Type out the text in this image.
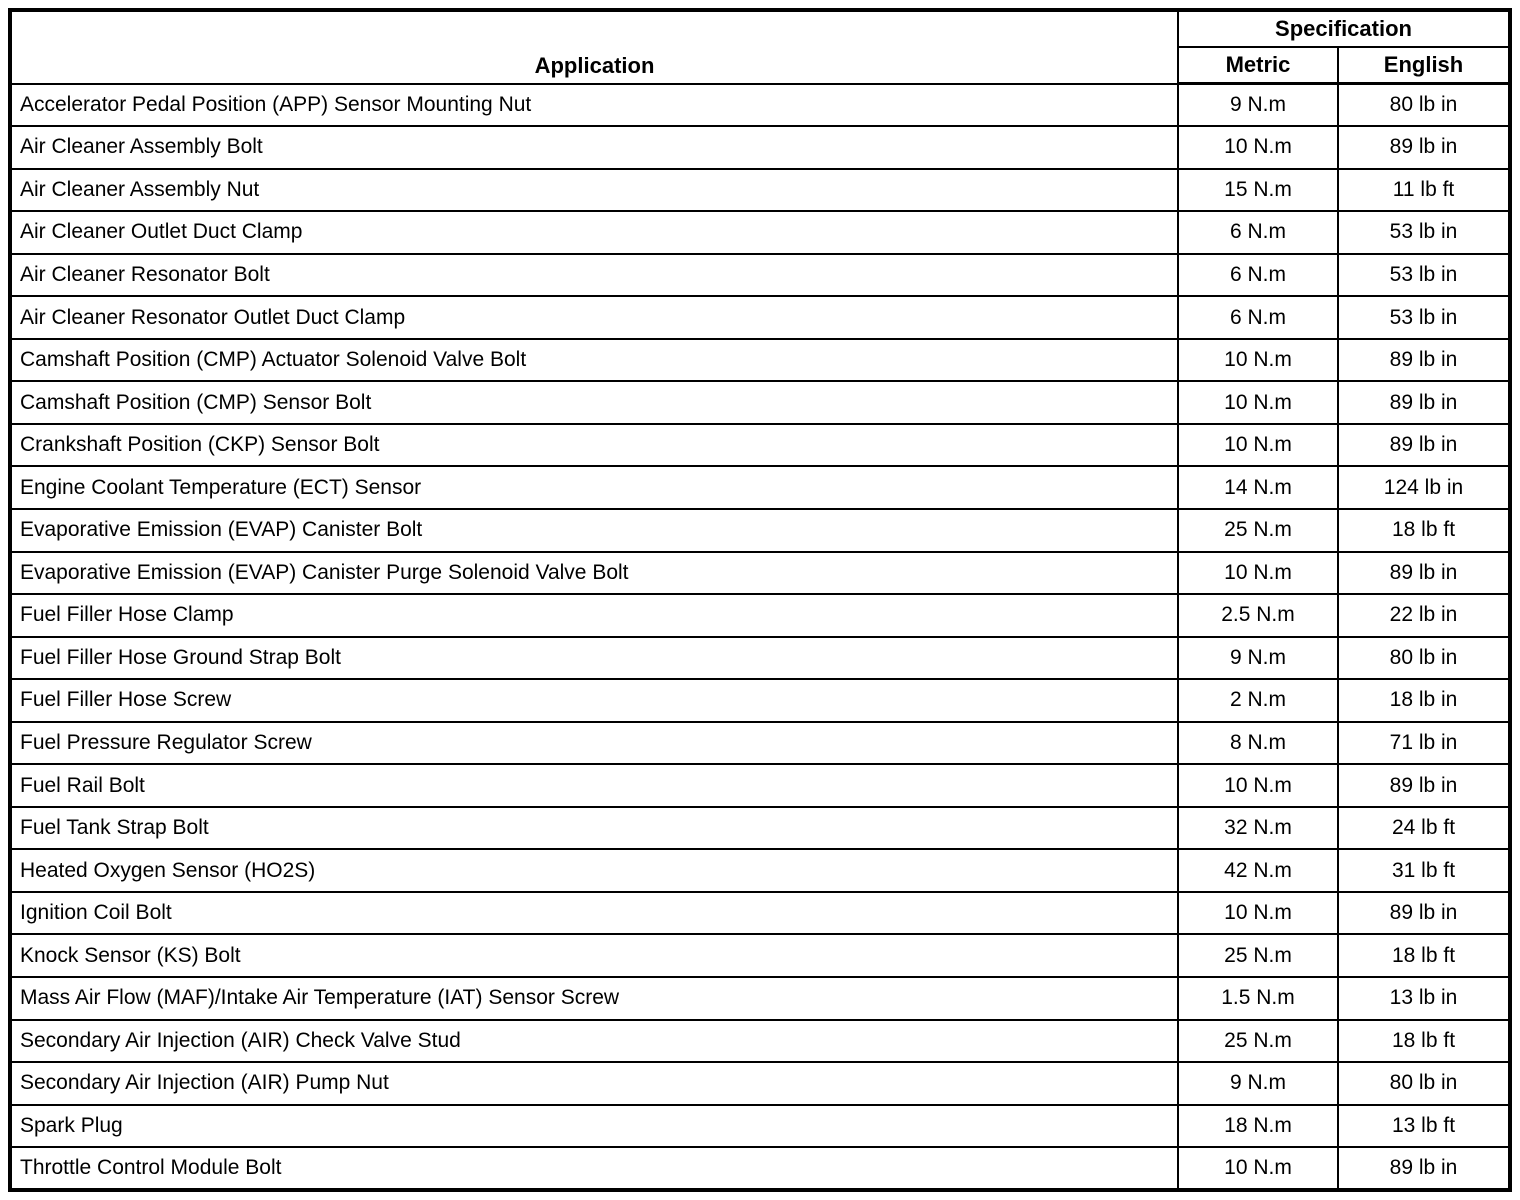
Application	Specification	
	Metric	English
Accelerator Pedal Position (APP) Sensor Mounting Nut	9 N.m	80 lb in
Air Cleaner Assembly Bolt	10 N.m	89 lb in
Air Cleaner Assembly Nut	15 N.m	11 lb ft
Air Cleaner Outlet Duct Clamp	6 N.m	53 lb in
Air Cleaner Resonator Bolt	6 N.m	53 lb in
Air Cleaner Resonator Outlet Duct Clamp	6 N.m	53 lb in
Camshaft Position (CMP) Actuator Solenoid Valve Bolt	10 N.m	89 lb in
Camshaft Position (CMP) Sensor Bolt	10 N.m	89 lb in
Crankshaft Position (CKP) Sensor Bolt	10 N.m	89 lb in
Engine Coolant Temperature (ECT) Sensor	14 N.m	124 lb in
Evaporative Emission (EVAP) Canister Bolt	25 N.m	18 lb ft
Evaporative Emission (EVAP) Canister Purge Solenoid Valve Bolt	10 N.m	89 lb in
Fuel Filler Hose Clamp	2.5 N.m	22 lb in
Fuel Filler Hose Ground Strap Bolt	9 N.m	80 lb in
Fuel Filler Hose Screw	2 N.m	18 lb in
Fuel Pressure Regulator Screw	8 N.m	71 lb in
Fuel Rail Bolt	10 N.m	89 lb in
Fuel Tank Strap Bolt	32 N.m	24 lb ft
Heated Oxygen Sensor (HO2S)	42 N.m	31 lb ft
Ignition Coil Bolt	10 N.m	89 lb in
Knock Sensor (KS) Bolt	25 N.m	18 lb ft
Mass Air Flow (MAF)/Intake Air Temperature (IAT) Sensor Screw	1.5 N.m	13 lb in
Secondary Air Injection (AIR) Check Valve Stud	25 N.m	18 lb ft
Secondary Air Injection (AIR) Pump Nut	9 N.m	80 lb in
Spark Plug	18 N.m	13 lb ft
Throttle Control Module Bolt	10 N.m	89 lb in
